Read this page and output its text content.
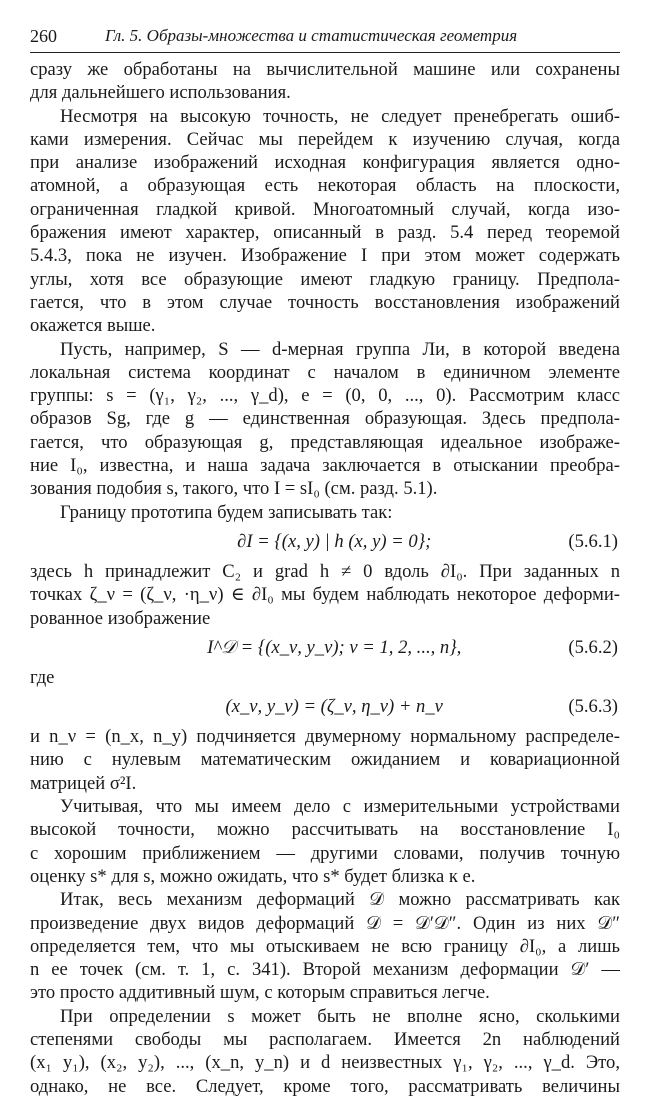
260	Гл. 5. Образы-множества и статистическая геометрия
сразу же обработаны на вычислительной машине или сохранены
для дальнейшего использования.
Несмотря на высокую точность, не следует пренебрегать ошиб-
ками измерения. Сейчас мы перейдем к изучению случая, когда
при анализе изображений исходная конфигурация является одно-
атомной, а образующая есть некоторая область на плоскости,
ограниченная гладкой кривой. Многоатомный случай, когда изо-
бражения имеют характер, описанный в разд. 5.4 перед теоремой
5.4.3, пока не изучен. Изображение I при этом может содержать
углы, хотя все образующие имеют гладкую границу. Предпола-
гается, что в этом случае точность восстановления изображений
окажется выше.
Пусть, например, S — d-мерная группа Ли, в которой введена
локальная система координат с началом в единичном элементе
группы: s = (γ₁, γ₂, ..., γ_d), e = (0, 0, ..., 0). Рассмотрим класс
образов Sg, где g — единственная образующая. Здесь предпола-
гается, что образующая g, представляющая идеальное изображе-
ние I₀, известна, и наша задача заключается в отыскании преобра-
зования подобия s, такого, что I = sI₀ (см. разд. 5.1).
Границу прототипа будем записывать так:
∂I = {(x, y) | h (x, y) = 0};	(5.6.1)
здесь h принадлежит C₂ и grad h ≠ 0 вдоль ∂I₀. При заданных n
точках ζ_ν = (ζ_ν, ·η_ν) ∈ ∂I₀ мы будем наблюдать некоторое деформи-
рованное изображение
I^𝒟 = {(x_ν, y_ν); ν = 1, 2, ..., n},	(5.6.2)
где
(x_ν, y_ν) = (ζ_ν, η_ν) + n_ν	(5.6.3)
и n_ν = (n_x, n_y) подчиняется двумерному нормальному распределе-
нию с нулевым математическим ожиданием и ковариационной
матрицей σ²I.
Учитывая, что мы имеем дело с измерительными устройствами
высокой точности, можно рассчитывать на восстановление I₀
с хорошим приближением — другими словами, получив точную
оценку s* для s, можно ожидать, что s* будет близка к e.
Итак, весь механизм деформаций 𝒟 можно рассматривать как
произведение двух видов деформаций 𝒟 = 𝒟′𝒟″. Один из них 𝒟″
определяется тем, что мы отыскиваем не всю границу ∂I₀, а лишь
n ее точек (см. т. 1, с. 341). Второй механизм деформации 𝒟′ —
это просто аддитивный шум, с которым справиться легче.
При определении s может быть не вполне ясно, сколькими
степенями свободы мы располагаем. Имеется 2n наблюдений
(x₁ y₁), (x₂, y₂), ..., (x_n, y_n) и d неизвестных γ₁, γ₂, ..., γ_d. Это,
однако, не все. Следует, кроме того, рассматривать величины
